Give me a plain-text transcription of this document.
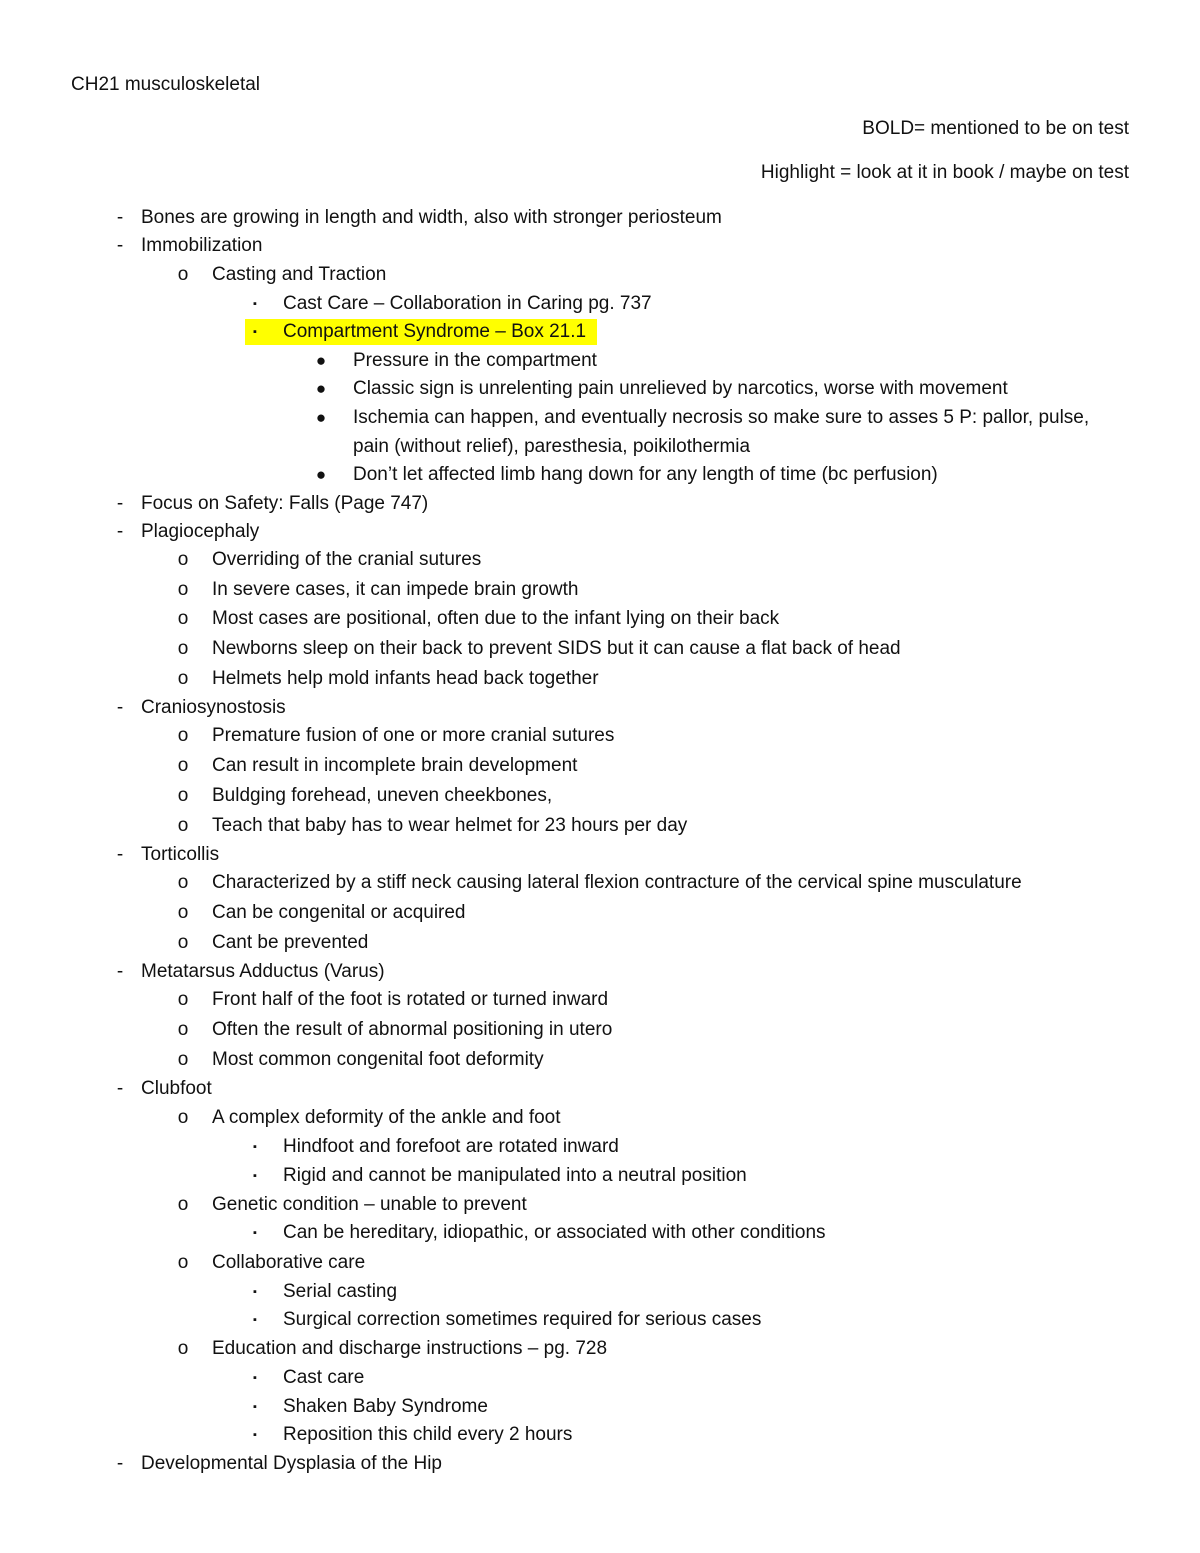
CH21 musculoskeletal
BOLD= mentioned to be on test
Highlight = look at it in book / maybe on test
- Bones are growing in length and width, also with stronger periosteum
- Immobilization
o	Casting and Traction
▪	Cast Care – Collaboration in Caring pg. 737
▪	Compartment Syndrome – Box 21.1
●	Pressure in the compartment
●	Classic sign is unrelenting pain unrelieved by narcotics, worse with movement
●	Ischemia can happen, and eventually necrosis so make sure to asses 5 P: pallor, pulse,
pain (without relief), paresthesia, poikilothermia
●	Don’t let affected limb hang down for any length of time (bc perfusion)
- Focus on Safety: Falls (Page 747)
- Plagiocephaly
o	Overriding of the cranial sutures
o	In severe cases, it can impede brain growth
o	Most cases are positional, often due to the infant lying on their back
o	Newborns sleep on their back to prevent SIDS but it can cause a flat back of head
o	Helmets help mold infants head back together
- Craniosynostosis
o	Premature fusion of one or more cranial sutures
o	Can result in incomplete brain development
o	Buldging forehead, uneven cheekbones,
o	Teach that baby has to wear helmet for 23 hours per day
- Torticollis
o	Characterized by a stiff neck causing lateral flexion contracture of the cervical spine musculature
o	Can be congenital or acquired
o	Cant be prevented
- Metatarsus Adductus (Varus)
o	Front half of the foot is rotated or turned inward
o	Often the result of abnormal positioning in utero
o	Most common congenital foot deformity
- Clubfoot
o	A complex deformity of the ankle and foot
▪	Hindfoot and forefoot are rotated inward
▪	Rigid and cannot be manipulated into a neutral position
o	Genetic condition – unable to prevent
▪	Can be hereditary, idiopathic, or associated with other conditions
o	Collaborative care
▪	Serial casting
▪	Surgical correction sometimes required for serious cases
o	Education and discharge instructions – pg. 728
▪	Cast care
▪	Shaken Baby Syndrome
▪	Reposition this child every 2 hours
- Developmental Dysplasia of the Hip
